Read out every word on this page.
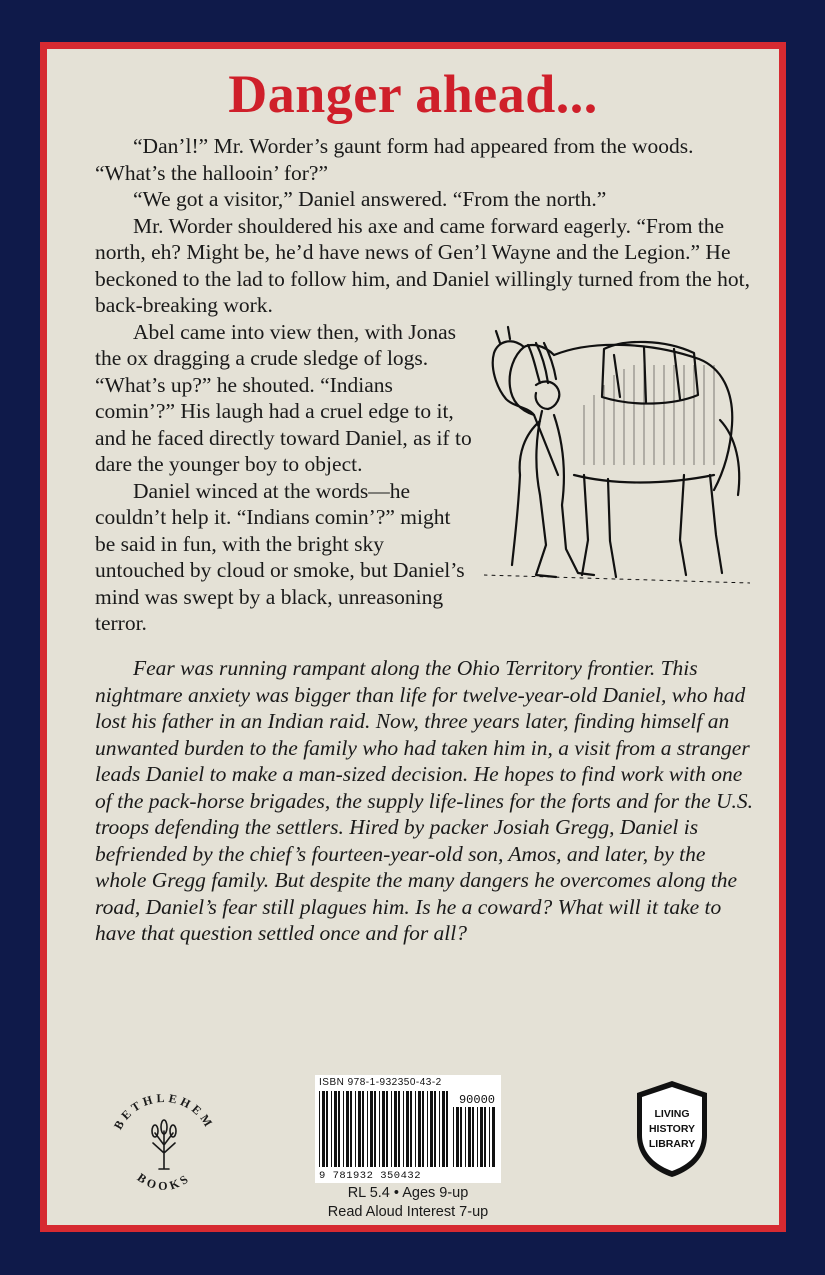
Danger ahead...

“Dan’l!” Mr. Worder’s gaunt form had appeared from the woods. “What’s the hallooin’ for?”

“We got a visitor,” Daniel answered. “From the north.”

Mr. Worder shouldered his axe and came forward eagerly. “From the north, eh? Might be, he’d have news of Gen’l Wayne and the Legion.” He beckoned to the lad to follow him, and Daniel willingly turned from the hot, back-breaking work.

Abel came into view then, with Jonas the ox dragging a crude sledge of logs. “What’s up?” he shouted. “Indians comin’?” His laugh had a cruel edge to it, and he faced directly toward Daniel, as if to dare the younger boy to object.

Daniel winced at the words—he couldn’t help it. “Indians comin’?” might be said in fun, with the bright sky untouched by cloud or smoke, but Daniel’s mind was swept by a black, unreasoning terror.

Fear was running rampant along the Ohio Territory frontier. This nightmare anxiety was bigger than life for twelve-year-old Daniel, who had lost his father in an Indian raid. Now, three years later, finding himself an unwanted burden to the family who had taken him in, a visit from a stranger leads Daniel to make a man-sized decision. He hopes to find work with one of the pack-horse brigades, the supply life-lines for the forts and for the U.S. troops defending the settlers. Hired by packer Josiah Gregg, Daniel is befriended by the chief’s fourteen-year-old son, Amos, and later, by the whole Gregg family. But despite the many dangers he overcomes along the road, Daniel’s fear still plagues him. Is he a coward? What will it take to have that question settled once and for all?

BETHLEHEM
BOOKS
ISBN 978-1-932350-43-2
90000
9 781932 350432
RL 5.4 • Ages 9-up
Read Aloud Interest 7-up
LIVING
HISTORY
LIBRARY
